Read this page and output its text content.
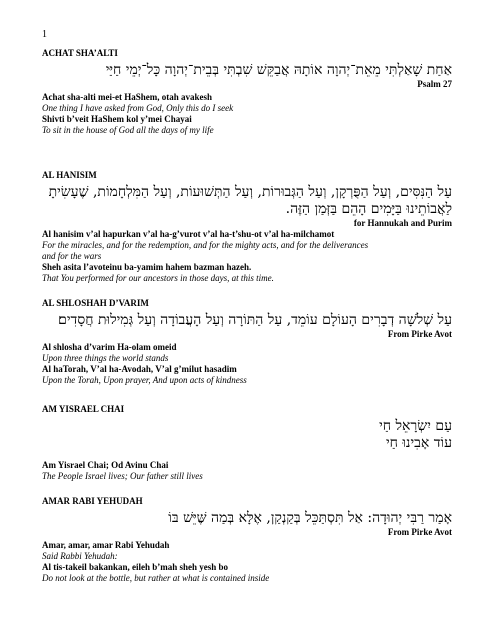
1
ACHAT SHA’ALTI
אַחַת שָׁאַלְתִּי מֵאֵת־יְהוָה אוֹתָהּ אֲבַקֵּשׁ שִׁבְתִּי בְּבֵית־יְהוָה כָּל־יְמֵי חַיַּי
Psalm 27
Achat sha-alti mei-et HaShem, otah avakesh
One thing I have asked from God, Only this do I seek
Shivti b’veit HaShem kol y’mei Chayai
To sit in the house of God all the days of my life
AL HANISIM
עַל הַנִּסִּים, וְעַל הַפֻּרְקָן, וְעַל הַגְּבוּרוֹת, וְעַל הַתְּשׁוּעוֹת, וְעַל הַמִּלְחָמוֹת, שֶׁעָשִׂיתָ
לַאֲבוֹתֵינוּ בַּיָּמִים הָהֵם בַּזְּמַן הַזֶּה.
for Hannukah and Purim
Al hanisim v’al hapurkan v’al ha-g’vurot v’al ha-t’shu-ot v’al ha-milchamot
For the miracles, and for the redemption, and for the mighty acts, and for the deliverances
and for the wars
Sheh asita l’avoteinu ba-yamim hahem bazman hazeh.
That You performed for our ancestors in those days, at this time.
AL SHLOSHAH D’VARIM
עַל שְׁלֹשָׁה דְבָרִים הָעוֹלָם עוֹמֵד, עַל הַתּוֹרָה וְעַל הָעֲבוֹדָה וְעַל גְּמִילוּת חֲסָדִים׃
From Pirke Avot
Al shlosha d’varim Ha-olam omeid
Upon three things the world stands
Al haTorah, V’al ha-Avodah, V’al g’milut hasadim
Upon the Torah, Upon prayer, And upon acts of kindness
AM YISRAEL CHAI
עַם יִשְׂרָאֵל חַי
עוֹד אָבִינוּ חַי
Am Yisrael Chai; Od Avinu Chai
The People Israel lives; Our father still lives
AMAR RABI YEHUDAH
אָמַר רַבִּי יְהוּדָה: אַל תִּסְתַּכֵּל בְּקַנְקַן, אֶלָּא בְּמַה שֶּׁיֵּשׁ בּוֹ
From Pirke Avot
Amar, amar, amar Rabi Yehudah
Said Rabbi Yehudah:
Al tis-takeil bakankan, eileh b’mah sheh yesh bo
Do not look at the bottle, but rather at what is contained inside
